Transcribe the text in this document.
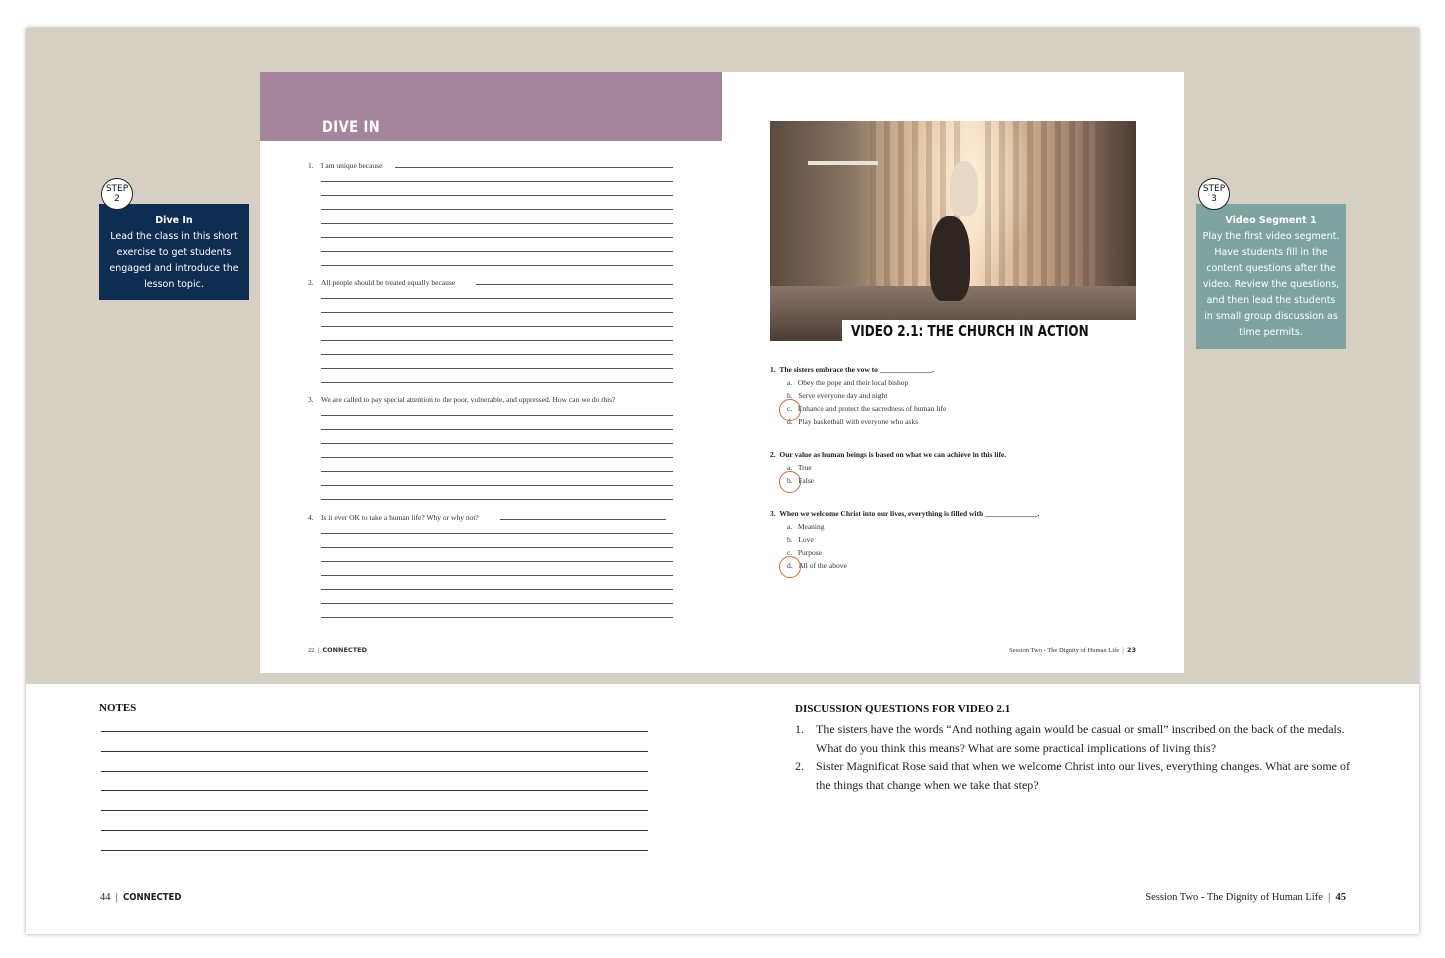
DIVE IN
1. I am unique because
2. All people should be treated equally because
3. We are called to pay special attention to the poor, vulnerable, and oppressed. How can we do this?
4. Is it ever OK to take a human life? Why or why not?
22  |  CONNECTED
VIDEO 2.1: THE CHURCH IN ACTION
1. The sisters embrace the vow to ______________.
a. Obey the pope and their local bishop
b. Serve everyone day and night
c. Enhance and protect the sacredness of human life
d. Play basketball with everyone who asks
2. Our value as human beings is based on what we can achieve in this life.
a. True
b. False
3. When we welcome Christ into our lives, everything is filled with ______________.
a. Meaning
b. Love
c. Purpose
d. All of the above
Session Two - The Dignity of Human Life  |  23
Dive In
Lead the class in this short exercise to get students engaged and introduce the lesson topic.
STEP
2
Video Segment 1
Play the first video segment. Have students fill in the content questions after the video. Review the questions, and then lead the students in small group discussion as time permits.
STEP
3
NOTES	DISCUSSION QUESTIONS FOR VIDEO 2.1
1. The sisters have the words “And nothing again would be casual or small” inscribed on the back of the medals. What do you think this means? What are some practical implications of living this?
2. Sister Magnificat Rose said that when we welcome Christ into our lives, everything changes. What are some of the things that change when we take that step?
44  |  CONNECTED	Session Two - The Dignity of Human Life  |  45
